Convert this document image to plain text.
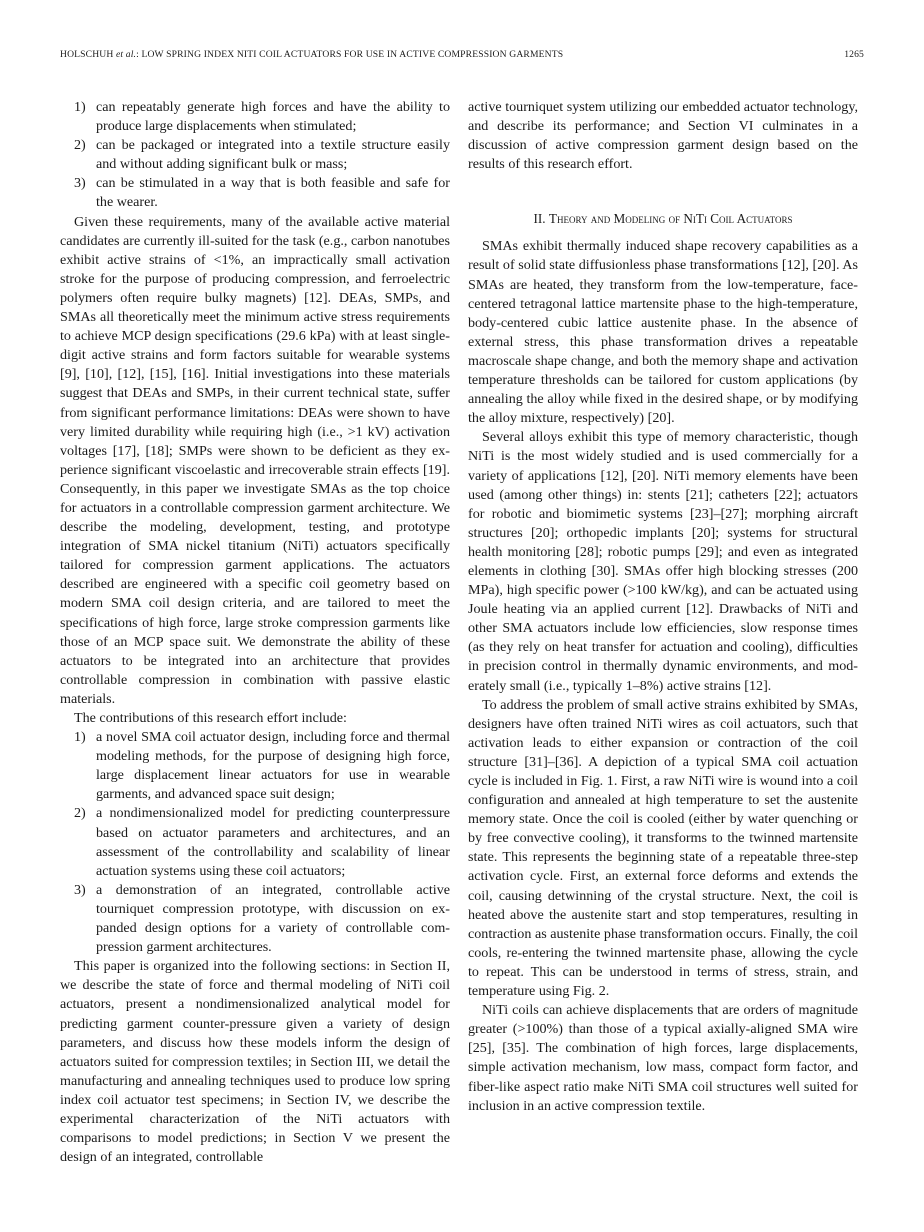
HOLSCHUH et al.: LOW SPRING INDEX NITI COIL ACTUATORS FOR USE IN ACTIVE COMPRESSION GARMENTS	1265
1) can repeatably generate high forces and have the ability to produce large displacements when stimulated;
2) can be packaged or integrated into a textile structure easily and without adding significant bulk or mass;
3) can be stimulated in a way that is both feasible and safe for the wearer.

Given these requirements, many of the available active material candidates are currently ill-suited for the task (e.g., carbon nanotubes exhibit active strains of <1%, an impractically small activation stroke for the purpose of producing compression, and ferroelectric polymers often require bulky magnets) [12]. DEAs, SMPs, and SMAs all theoretically meet the minimum active stress requirements to achieve MCP design specifications (29.6 kPa) with at least single-digit active strains and form factors suitable for wearable systems [9], [10], [12], [15], [16]. Initial investigations into these materials suggest that DEAs and SMPs, in their current technical state, suffer from significant performance limitations: DEAs were shown to have very limited durability while requiring high (i.e., >1 kV) activation voltages [17], [18]; SMPs were shown to be deficient as they experience significant viscoelastic and irrecoverable strain effects [19]. Consequently, in this paper we investigate SMAs as the top choice for actuators in a controllable compression garment architecture. We describe the modeling, development, testing, and prototype integration of SMA nickel titanium (NiTi) actuators specifically tailored for compression garment applications. The actuators described are engineered with a specific coil geometry based on modern SMA coil design criteria, and are tailored to meet the specifications of high force, large stroke compression garments like those of an MCP space suit. We demonstrate the ability of these actuators to be integrated into an architecture that provides controllable compression in combination with passive elastic materials.

The contributions of this research effort include:

1) a novel SMA coil actuator design, including force and thermal modeling methods, for the purpose of designing high force, large displacement linear actuators for use in wearable garments, and advanced space suit design;
2) a nondimensionalized model for predicting counterpressure based on actuator parameters and architectures, and an assessment of the controllability and scalability of linear actuation systems using these coil actuators;
3) a demonstration of an integrated, controllable active tourniquet compression prototype, with discussion on expanded design options for a variety of controllable compression garment architectures.

This paper is organized into the following sections: in Section II, we describe the state of force and thermal modeling of NiTi coil actuators, present a nondimensionalized analytical model for predicting garment counter-pressure given a variety of design parameters, and discuss how these models inform the design of actuators suited for compression textiles; in Section III, we detail the manufacturing and annealing techniques used to produce low spring index coil actuator test specimens; in Section IV, we describe the experimental characterization of the NiTi actuators with comparisons to model predictions; in Section V we present the design of an integrated, controllable

active tourniquet system utilizing our embedded actuator technology, and describe its performance; and Section VI culminates in a discussion of active compression garment design based on the results of this research effort.

II. Theory and Modeling of NiTi Coil Actuators

SMAs exhibit thermally induced shape recovery capabilities as a result of solid state diffusionless phase transformations [12], [20]. As SMAs are heated, they transform from the low-temperature, face-centered tetragonal lattice martensite phase to the high-temperature, body-centered cubic lattice austenite phase. In the absence of external stress, this phase transformation drives a repeatable macroscale shape change, and both the memory shape and activation temperature thresholds can be tailored for custom applications (by annealing the alloy while fixed in the desired shape, or by modifying the alloy mixture, respectively) [20].

Several alloys exhibit this type of memory characteristic, though NiTi is the most widely studied and is used commercially for a variety of applications [12], [20]. NiTi memory elements have been used (among other things) in: stents [21]; catheters [22]; actuators for robotic and biomimetic systems [23]–[27]; morphing aircraft structures [20]; orthopedic implants [20]; systems for structural health monitoring [28]; robotic pumps [29]; and even as integrated elements in clothing [30]. SMAs offer high blocking stresses (200 MPa), high specific power (>100 kW/kg), and can be actuated using Joule heating via an applied current [12]. Drawbacks of NiTi and other SMA actuators include low efficiencies, slow response times (as they rely on heat transfer for actuation and cooling), difficulties in precision control in thermally dynamic environments, and moderately small (i.e., typically 1–8%) active strains [12].

To address the problem of small active strains exhibited by SMAs, designers have often trained NiTi wires as coil actuators, such that activation leads to either expansion or contraction of the coil structure [31]–[36]. A depiction of a typical SMA coil actuation cycle is included in Fig. 1. First, a raw NiTi wire is wound into a coil configuration and annealed at high temperature to set the austenite memory state. Once the coil is cooled (either by water quenching or by free convective cooling), it transforms to the twinned martensite state. This represents the beginning state of a repeatable three-step activation cycle. First, an external force deforms and extends the coil, causing detwinning of the crystal structure. Next, the coil is heated above the austenite start and stop temperatures, resulting in contraction as austenite phase transformation occurs. Finally, the coil cools, re-entering the twinned martensite phase, allowing the cycle to repeat. This can be understood in terms of stress, strain, and temperature using Fig. 2.

NiTi coils can achieve displacements that are orders of magnitude greater (>100%) than those of a typical axially-aligned SMA wire [25], [35]. The combination of high forces, large displacements, simple activation mechanism, low mass, compact form factor, and fiber-like aspect ratio make NiTi SMA coil structures well suited for inclusion in an active compression textile.
